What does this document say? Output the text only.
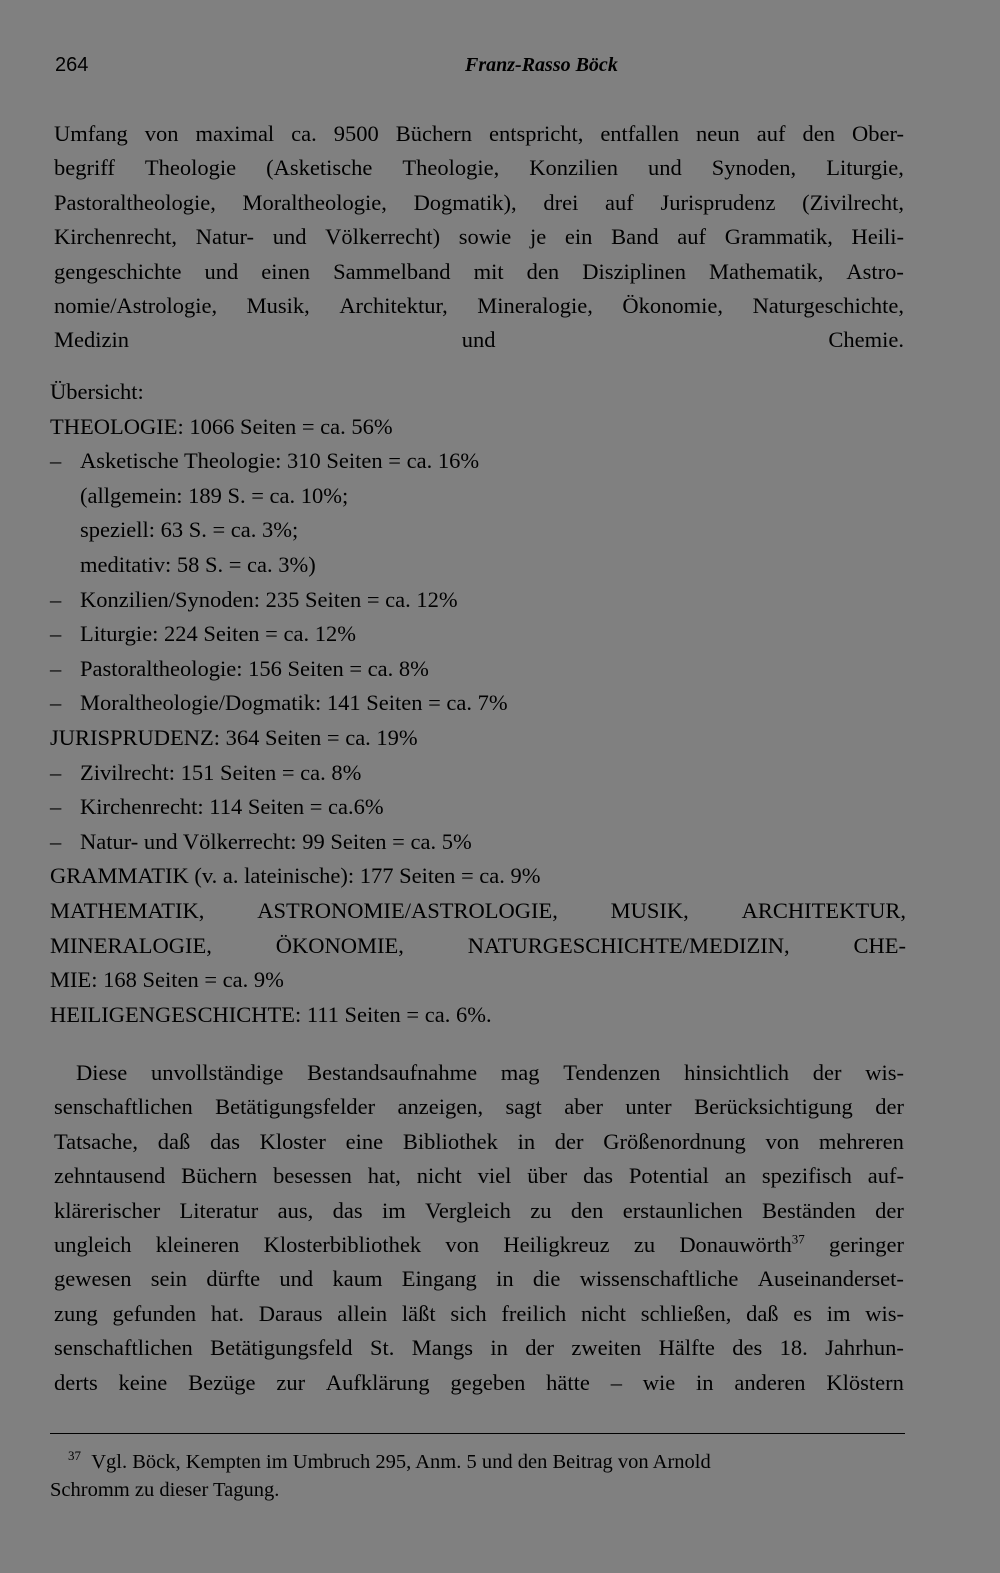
264	Franz-Rasso Böck
Umfang von maximal ca. 9500 Büchern entspricht, entfallen neun auf den Ober-
begriff Theologie (Asketische Theologie, Konzilien und Synoden, Liturgie,
Pastoraltheologie, Moraltheologie, Dogmatik), drei auf Jurisprudenz (Zivilrecht,
Kirchenrecht, Natur- und Völkerrecht) sowie je ein Band auf Grammatik, Heili-
gengeschichte und einen Sammelband mit den Disziplinen Mathematik, Astro-
nomie/Astrologie, Musik, Architektur, Mineralogie, Ökonomie, Naturgeschichte,
Medizin und Chemie.
Übersicht:
THEOLOGIE: 1066 Seiten = ca. 56%
– Asketische Theologie: 310 Seiten = ca. 16%
(allgemein: 189 S. = ca. 10%;
speziell: 63 S. = ca. 3%;
meditativ: 58 S. = ca. 3%)
– Konzilien/Synoden: 235 Seiten = ca. 12%
– Liturgie: 224 Seiten = ca. 12%
– Pastoraltheologie: 156 Seiten = ca. 8%
– Moraltheologie/Dogmatik: 141 Seiten = ca. 7%
JURISPRUDENZ: 364 Seiten = ca. 19%
– Zivilrecht: 151 Seiten = ca. 8%
– Kirchenrecht: 114 Seiten = ca.6%
– Natur- und Völkerrecht: 99 Seiten = ca. 5%
GRAMMATIK (v. a. lateinische): 177 Seiten = ca. 9%
MATHEMATIK, ASTRONOMIE/ASTROLOGIE, MUSIK, ARCHITEKTUR,
MINERALOGIE,	ÖKONOMIE,	NATURGESCHICHTE/MEDIZIN,	CHE-
MIE: 168 Seiten = ca. 9%
HEILIGENGESCHICHTE: 111 Seiten = ca. 6%.
Diese unvollständige Bestandsaufnahme mag Tendenzen hinsichtlich der wis-
senschaftlichen Betätigungsfelder anzeigen, sagt aber unter Berücksichtigung der
Tatsache, daß das Kloster eine Bibliothek in der Größenordnung von mehreren
zehntausend Büchern besessen hat, nicht viel über das Potential an spezifisch auf-
klärerischer Literatur aus, das im Vergleich zu den erstaunlichen Beständen der
ungleich kleineren Klosterbibliothek von Heiligkreuz zu Donauwörth$^{37}$ geringer
gewesen sein dürfte und kaum Eingang in die wissenschaftliche Auseinanderset-
zung gefunden hat. Daraus allein läßt sich freilich nicht schließen, daß es im wis-
senschaftlichen Betätigungsfeld St. Mangs in der zweiten Hälfte des 18. Jahrhun-
derts keine Bezüge zur Aufklärung gegeben hätte – wie in anderen Klöstern
$^{37}$ Vgl. Böck, Kempten im Umbruch 295, Anm. 5 und den Beitrag von Arnold
Schromm zu dieser Tagung.
